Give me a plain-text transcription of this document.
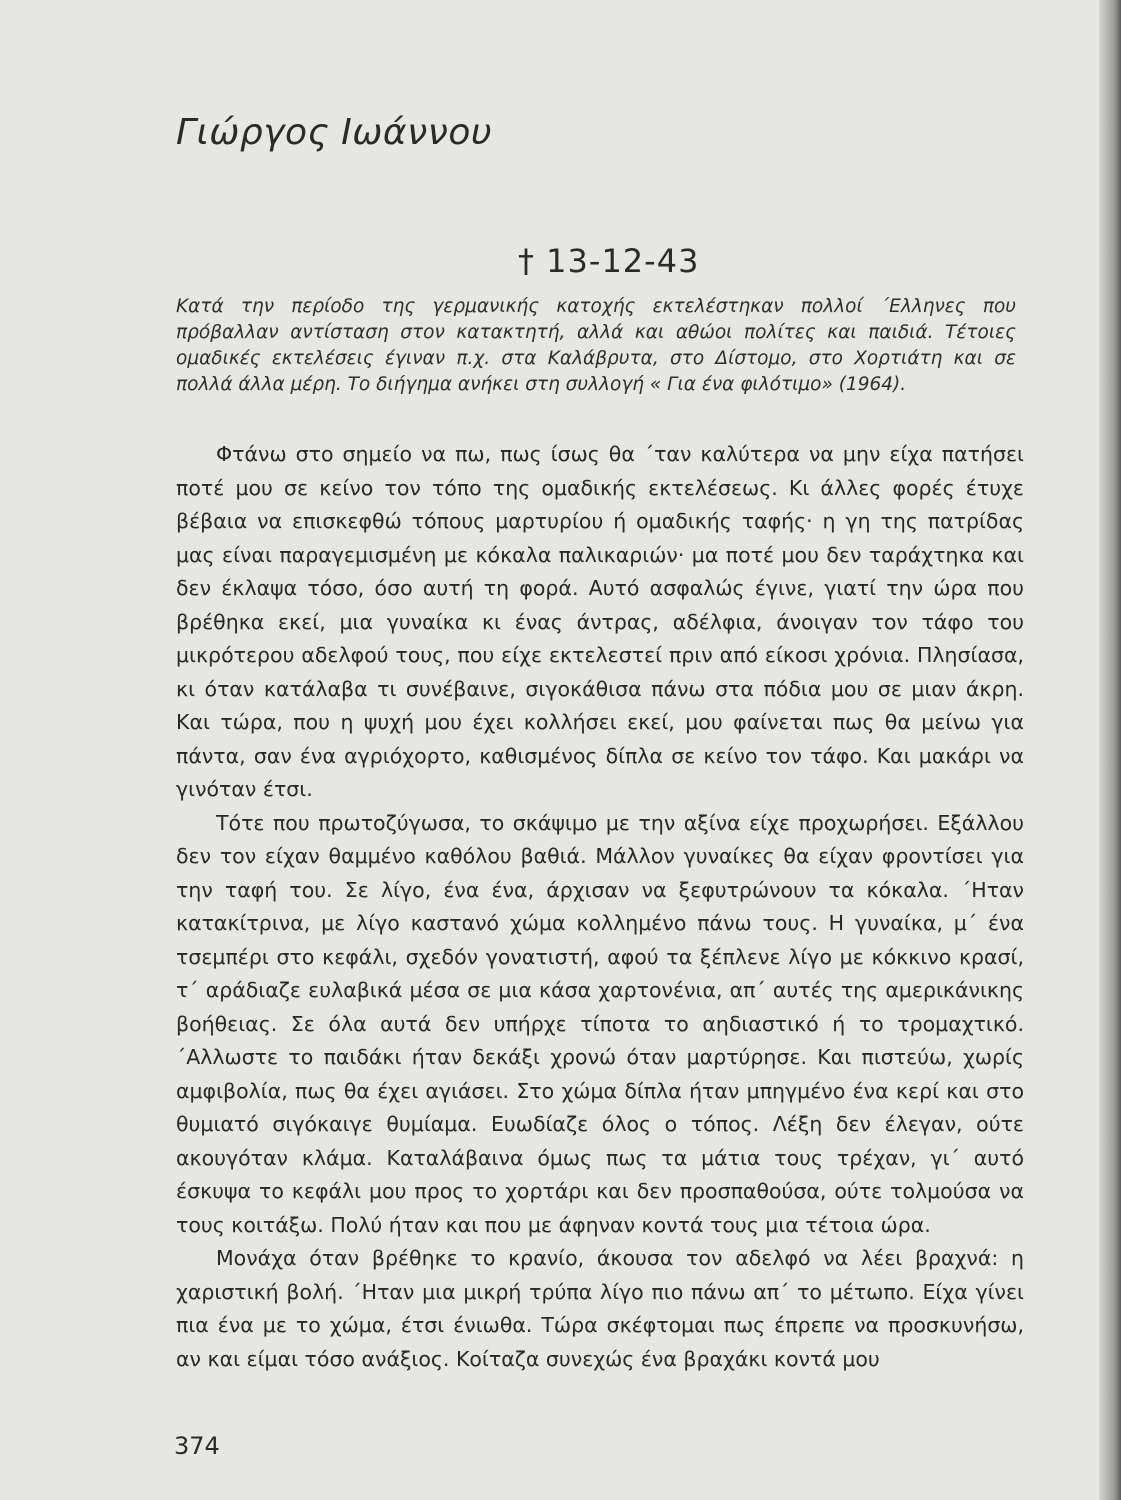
Γιώργος Ιωάννου
† 13-12-43
Κατά την περίοδο της γερμανικής κατοχής εκτελέστηκαν πολλοί ΄Ελληνες που πρόβαλλαν αντίσταση στον κατακτητή, αλλά και αθώοι πολίτες και παιδιά. Τέτοιες ομαδικές εκτελέσεις έγιναν π.χ. στα Καλάβρυτα, στο Δίστομο, στο Χορτιάτη και σε πολλά άλλα μέρη. Το διήγημα ανήκει στη συλλογή « Για ένα φιλότιμο» (1964).

Φτάνω στο σημείο να πω, πως ίσως θα ΄ταν καλύτερα να μην είχα πατήσει ποτέ μου σε κείνο τον τόπο της ομαδικής εκτελέσεως. Κι άλλες φορές έτυχε βέβαια να επισκεφθώ τόπους μαρτυρίου ή ομαδικής ταφής· η γη της πατρίδας μας είναι παραγεμισμένη με κόκαλα παλικαριών· μα ποτέ μου δεν ταράχτηκα και δεν έκλαψα τόσο, όσο αυτή τη φορά. Αυτό ασφαλώς έγινε, γιατί την ώρα που βρέθηκα εκεί, μια γυναίκα κι ένας άντρας, αδέλφια, άνοιγαν τον τάφο του μικρότερου αδελφού τους, που είχε εκτελεστεί πριν από είκοσι χρόνια. Πλησίασα, κι όταν κατάλαβα τι συνέβαινε, σιγοκάθισα πάνω στα πόδια μου σε μιαν άκρη. Και τώρα, που η ψυχή μου έχει κολλήσει εκεί, μου φαίνεται πως θα μείνω για πάντα, σαν ένα αγριόχορτο, καθισμένος δίπλα σε κείνο τον τάφο. Και μακάρι να γινόταν έτσι.

Τότε που πρωτοζύγωσα, το σκάψιμο με την αξίνα είχε προχωρήσει. Εξάλλου δεν τον είχαν θαμμένο καθόλου βαθιά. Μάλλον γυναίκες θα είχαν φροντίσει για την ταφή του. Σε λίγο, ένα ένα, άρχισαν να ξεφυτρώνουν τα κόκαλα. ΄Ηταν κατακίτρινα, με λίγο καστανό χώμα κολλημένο πάνω τους. Η γυναίκα, μ΄ ένα τσεμπέρι στο κεφάλι, σχεδόν γονατιστή, αφού τα ξέπλενε λίγο με κόκκινο κρασί, τ΄ αράδιαζε ευλαβικά μέσα σε μια κάσα χαρτονένια, απ΄ αυτές της αμερικάνικης βοήθειας. Σε όλα αυτά δεν υπήρχε τίποτα το αηδιαστικό ή το τρομαχτικό. ΄Αλλωστε το παιδάκι ήταν δεκάξι χρονώ όταν μαρτύρησε. Και πιστεύω, χωρίς αμφιβολία, πως θα έχει αγιάσει. Στο χώμα δίπλα ήταν μπηγμένο ένα κερί και στο θυμιατό σιγόκαιγε θυμίαμα. Ευωδίαζε όλος ο τόπος. Λέξη δεν έλεγαν, ούτε ακουγόταν κλάμα. Καταλάβαινα όμως πως τα μάτια τους τρέχαν, γι΄ αυτό έσκυψα το κεφάλι μου προς το χορτάρι και δεν προσπαθούσα, ούτε τολμούσα να τους κοιτάξω. Πολύ ήταν και που με άφηναν κοντά τους μια τέτοια ώρα.

Μονάχα όταν βρέθηκε το κρανίο, άκουσα τον αδελφό να λέει βραχνά: η χαριστική βολή. ΄Ηταν μια μικρή τρύπα λίγο πιο πάνω απ΄ το μέτωπο. Είχα γίνει πια ένα με το χώμα, έτσι ένιωθα. Τώρα σκέφτομαι πως έπρεπε να προσκυνήσω, αν και είμαι τόσο ανάξιος. Κοίταζα συνεχώς ένα βραχάκι κοντά μου

374
